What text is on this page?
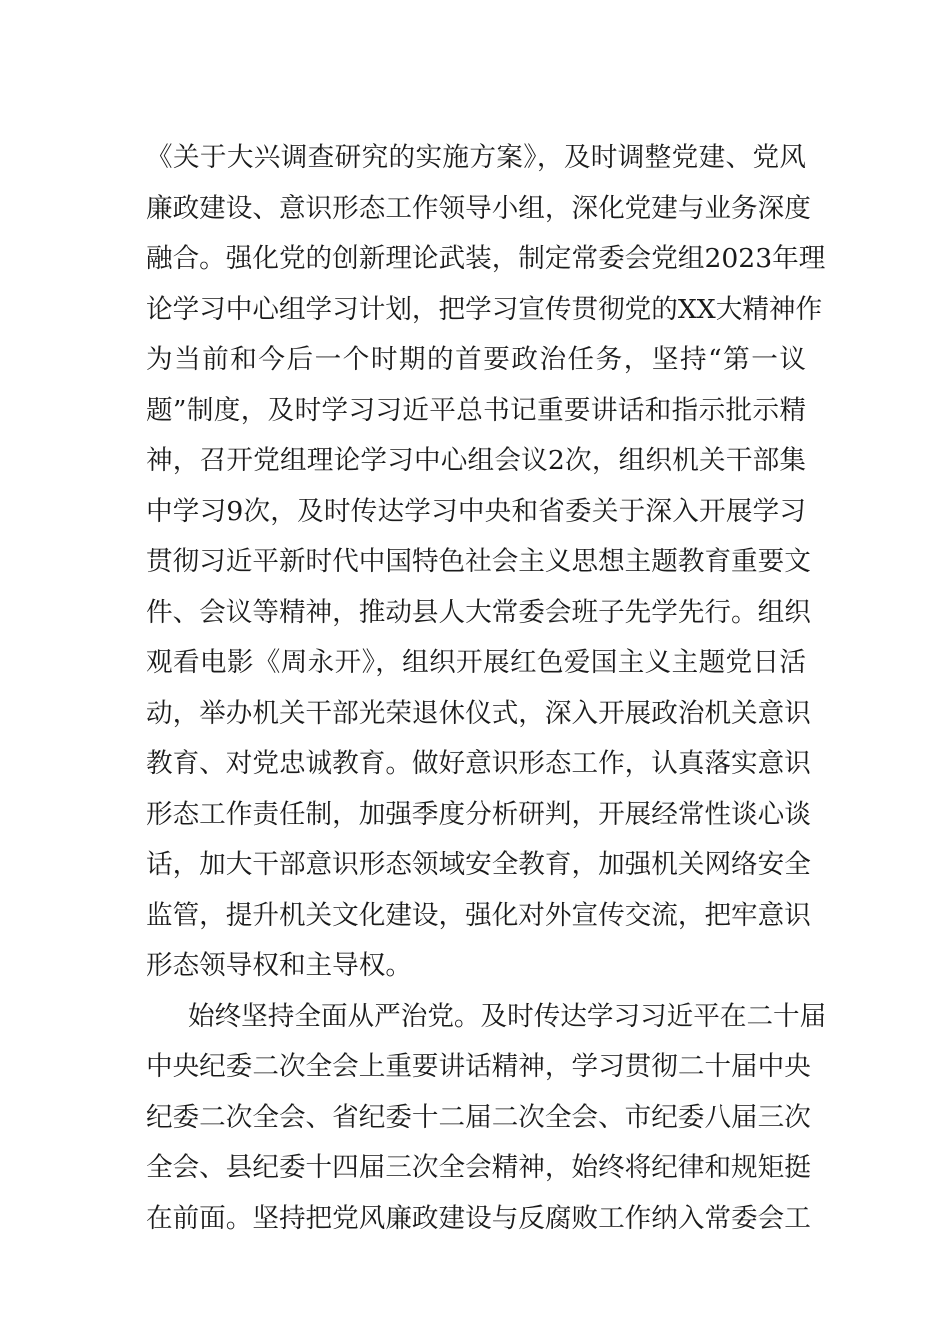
《关于大兴调查研究的实施方案》，及时调整党建、党风
廉政建设、意识形态工作领导小组，深化党建与业务深度
融合。强化党的创新理论武装，制定常委会党组2023年理
论学习中心组学习计划，把学习宣传贯彻党的XX大精神作
为当前和今后一个时期的首要政治任务，坚持“第一议
题”制度，及时学习习近平总书记重要讲话和指示批示精
神，召开党组理论学习中心组会议2次，组织机关干部集
中学习9次，及时传达学习中央和省委关于深入开展学习
贯彻习近平新时代中国特色社会主义思想主题教育重要文
件、会议等精神，推动县人大常委会班子先学先行。组织
观看电影《周永开》，组织开展红色爱国主义主题党日活
动，举办机关干部光荣退休仪式，深入开展政治机关意识
教育、对党忠诚教育。做好意识形态工作，认真落实意识
形态工作责任制，加强季度分析研判，开展经常性谈心谈
话，加大干部意识形态领域安全教育，加强机关网络安全
监管，提升机关文化建设，强化对外宣传交流，把牢意识
形态领导权和主导权。
始终坚持全面从严治党。及时传达学习习近平在二十届
中央纪委二次全会上重要讲话精神，学习贯彻二十届中央
纪委二次全会、省纪委十二届二次全会、市纪委八届三次
全会、县纪委十四届三次全会精神，始终将纪律和规矩挺
在前面。坚持把党风廉政建设与反腐败工作纳入常委会工
